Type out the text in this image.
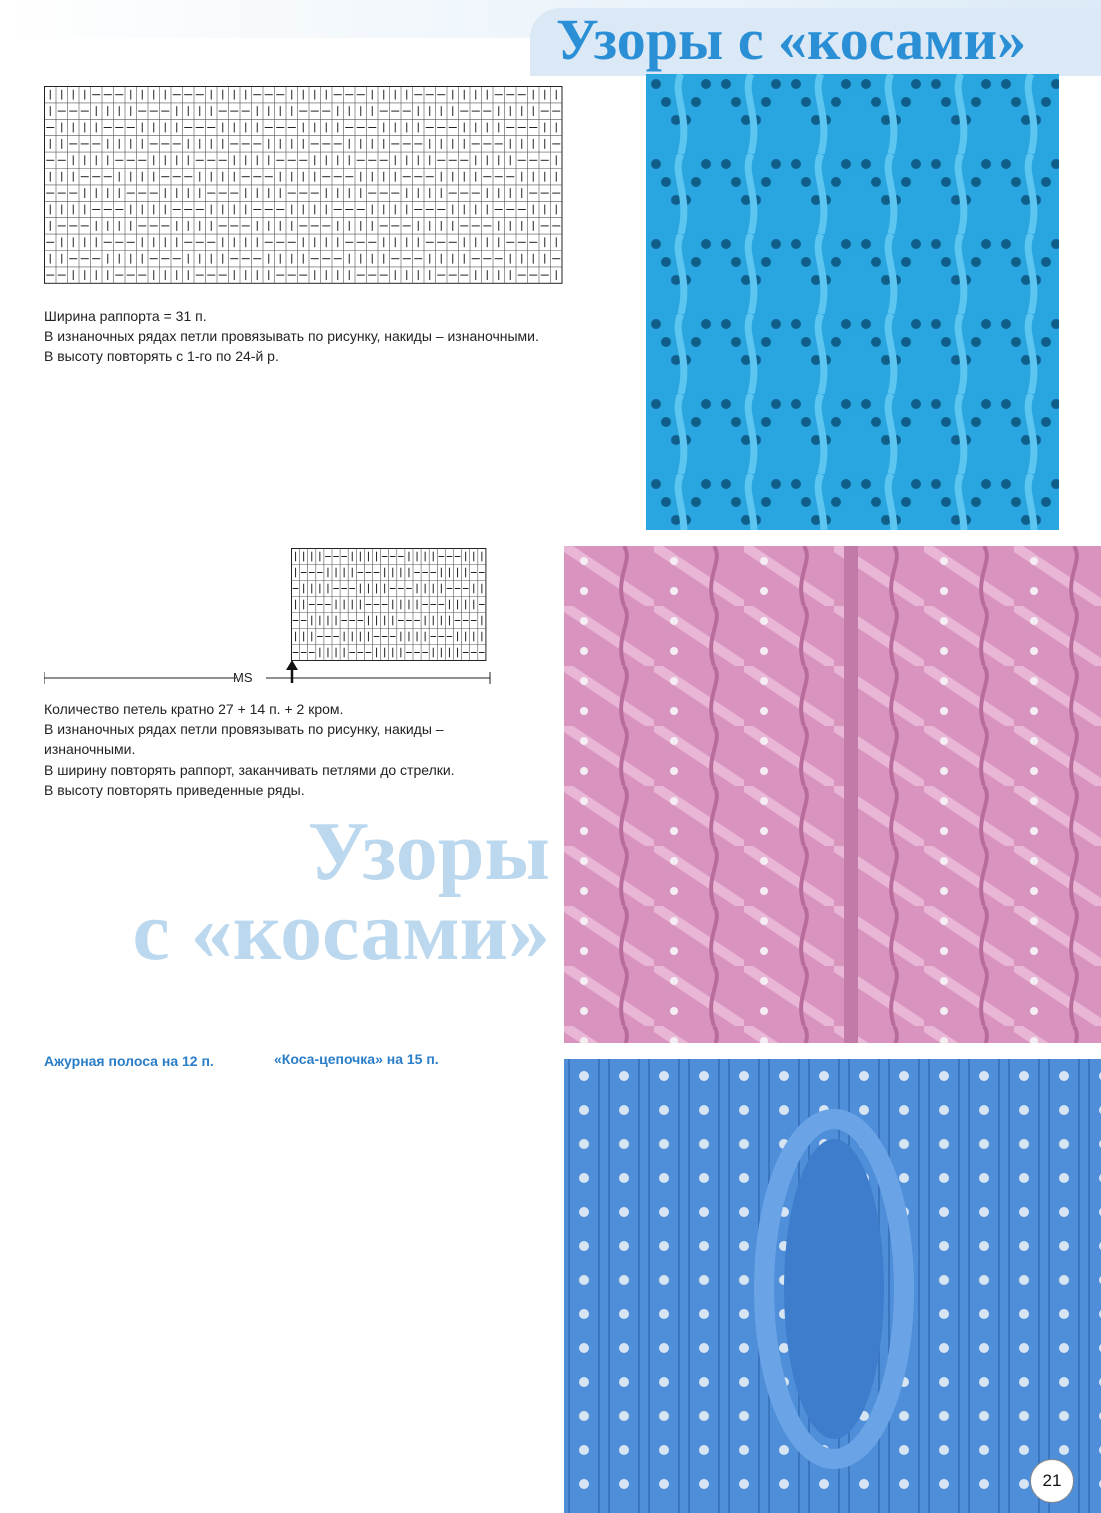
Узоры с «косами»
Ширина раппорта = 31 п.
В изнаночных рядах петли провязывать по рисунку, накиды – изнаночными.
В высоту повторять с 1-го по 24-й р.
MS
Количество петель кратно 27 + 14 п. + 2 кром.
В изнаночных рядах петли провязывать по рисунку, накиды –
изнаночными.
В ширину повторять раппорт, заканчивать петлями до стрелки.
В высоту повторять приведенные ряды.
Узоры
с «косами»
Ажурная полоса на 12 п.	«Коса-цепочка» на 15 п.
21
